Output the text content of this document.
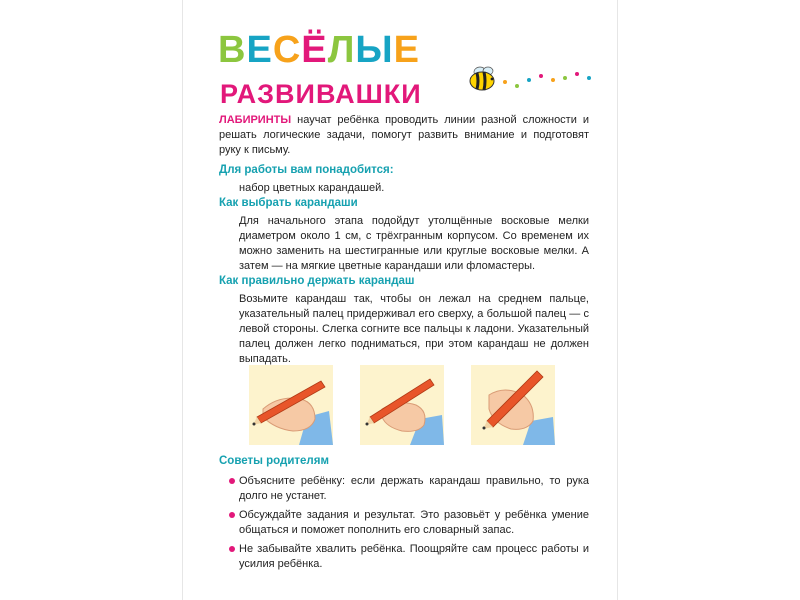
ВЕСЁЛЫЕ
РАЗВИВАШКИ
ЛАБИРИНТЫ научат ребёнка проводить линии разной сложности и решать логические задачи, помогут развить внимание и подготовят руку к письму.
Для работы вам понадобится:
набор цветных карандашей.
Как выбрать карандаши
Для начального этапа подойдут утолщённые восковые мелки диаметром около 1 см, с трёхгранным корпусом. Со временем их можно заменить на шестигранные или круглые восковые мелки. А затем — на мягкие цветные карандаши или фломастеры.
Как правильно держать карандаш
Возьмите карандаш так, чтобы он лежал на среднем пальце, указательный палец придерживал его сверху, а большой палец — с левой стороны. Слегка согните все пальцы к ладони. Указательный палец должен легко подниматься, при этом карандаш не должен выпадать.
Советы родителям
Объясните ребёнку: если держать карандаш правильно, то рука долго не устанет.
Обсуждайте задания и результат. Это разовьёт у ребёнка умение общаться и поможет пополнить его словарный запас.
Не забывайте хвалить ребёнка. Поощряйте сам процесс работы и усилия ребёнка.
